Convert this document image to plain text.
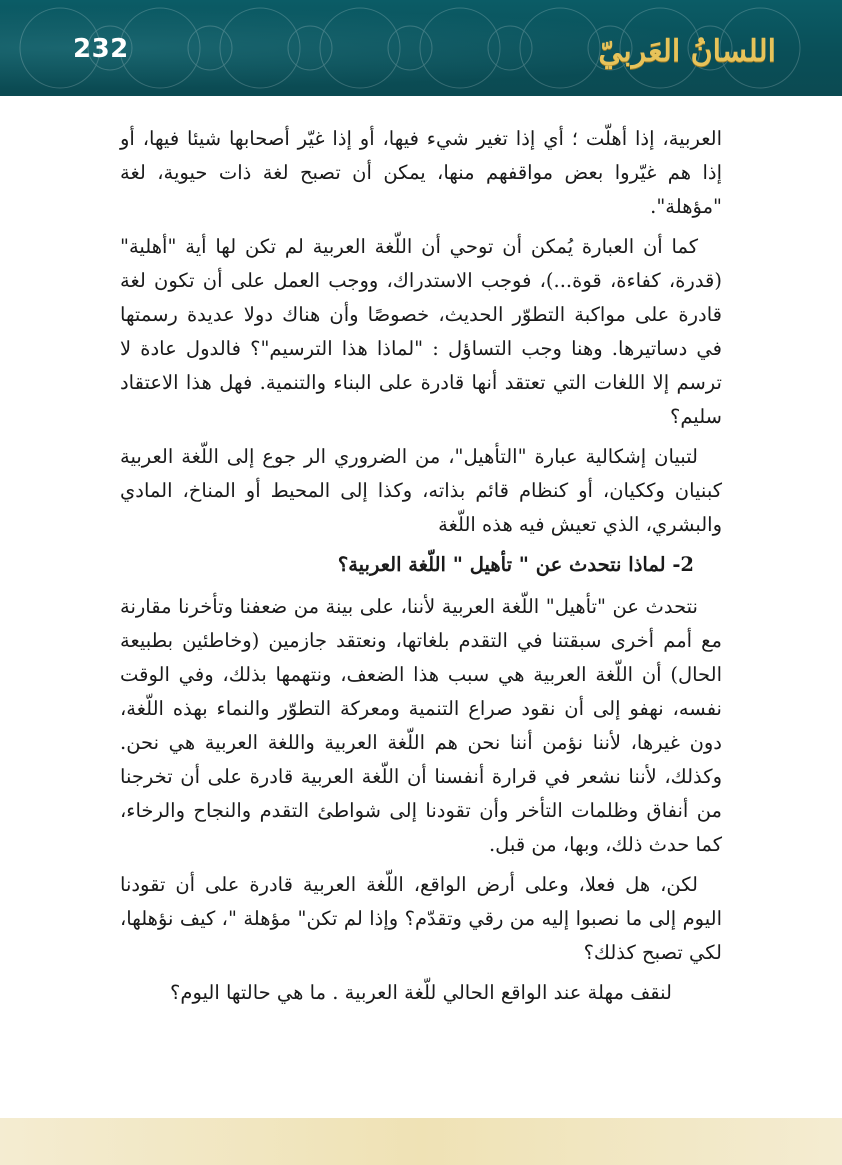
232	اللسانُ العَربيّ

العربية، إذا أهلّت ؛ أي إذا تغير شيء فيها، أو إذا غيّر أصحابها شيئا فيها، أو إذا هم غيّروا بعض مواقفهم منها، يمكن أن تصبح لغة ذات حيوية، لغة "مؤهلة".

كما أن العبارة يُمكن أن توحي أن اللّغة العربية لم تكن لها أية "أهلية" (قدرة، كفاءة، قوة...)، فوجب الاستدراك، ووجب العمل على أن تكون لغة قادرة على مواكبة التطوّر الحديث، خصوصًا وأن هناك دولا عديدة رسمتها في دساتيرها. وهنا وجب التساؤل : "لماذا هذا الترسيم"؟ فالدول عادة لا ترسم إلا اللغات التي تعتقد أنها قادرة على البناء والتنمية. فهل هذا الاعتقاد سليم؟

لتبيان إشكالية عبارة "التأهيل"، من الضروري الر جوع إلى اللّغة العربية كبنيان وككيان، أو كنظام قائم بذاته، وكذا إلى المحيط أو المناخ، المادي والبشري، الذي تعيش فيه هذه اللّغة

2- لماذا نتحدث عن " تأهيل " اللّغة العربية؟

نتحدث عن "تأهيل" اللّغة العربية لأننا، على بينة من ضعفنا وتأخرنا مقارنة مع أمم أخرى سبقتنا في التقدم بلغاتها، ونعتقد جازمين (وخاطئين بطبيعة الحال) أن اللّغة العربية هي سبب هذا الضعف، ونتهمها بذلك، وفي الوقت نفسه، نهفو إلى أن نقود صراع التنمية ومعركة التطوّر والنماء بهذه اللّغة، دون غيرها، لأننا نؤمن أننا نحن هم اللّغة العربية واللغة العربية هي نحن. وكذلك، لأننا نشعر في قرارة أنفسنا أن اللّغة العربية قادرة على أن تخرجنا من أنفاق وظلمات التأخر وأن تقودنا إلى شواطئ التقدم والنجاح والرخاء، كما حدث ذلك، وبها، من قبل.

لكن، هل فعلا، وعلى أرض الواقع، اللّغة العربية قادرة على أن تقودنا اليوم إلى ما نصبوا إليه من رقي وتقدّم؟ وإذا لم تكن" مؤهلة "، كيف نؤهلها، لكي تصبح كذلك؟

لنقف مهلة عند الواقع الحالي للّغة العربية . ما هي حالتها اليوم؟
